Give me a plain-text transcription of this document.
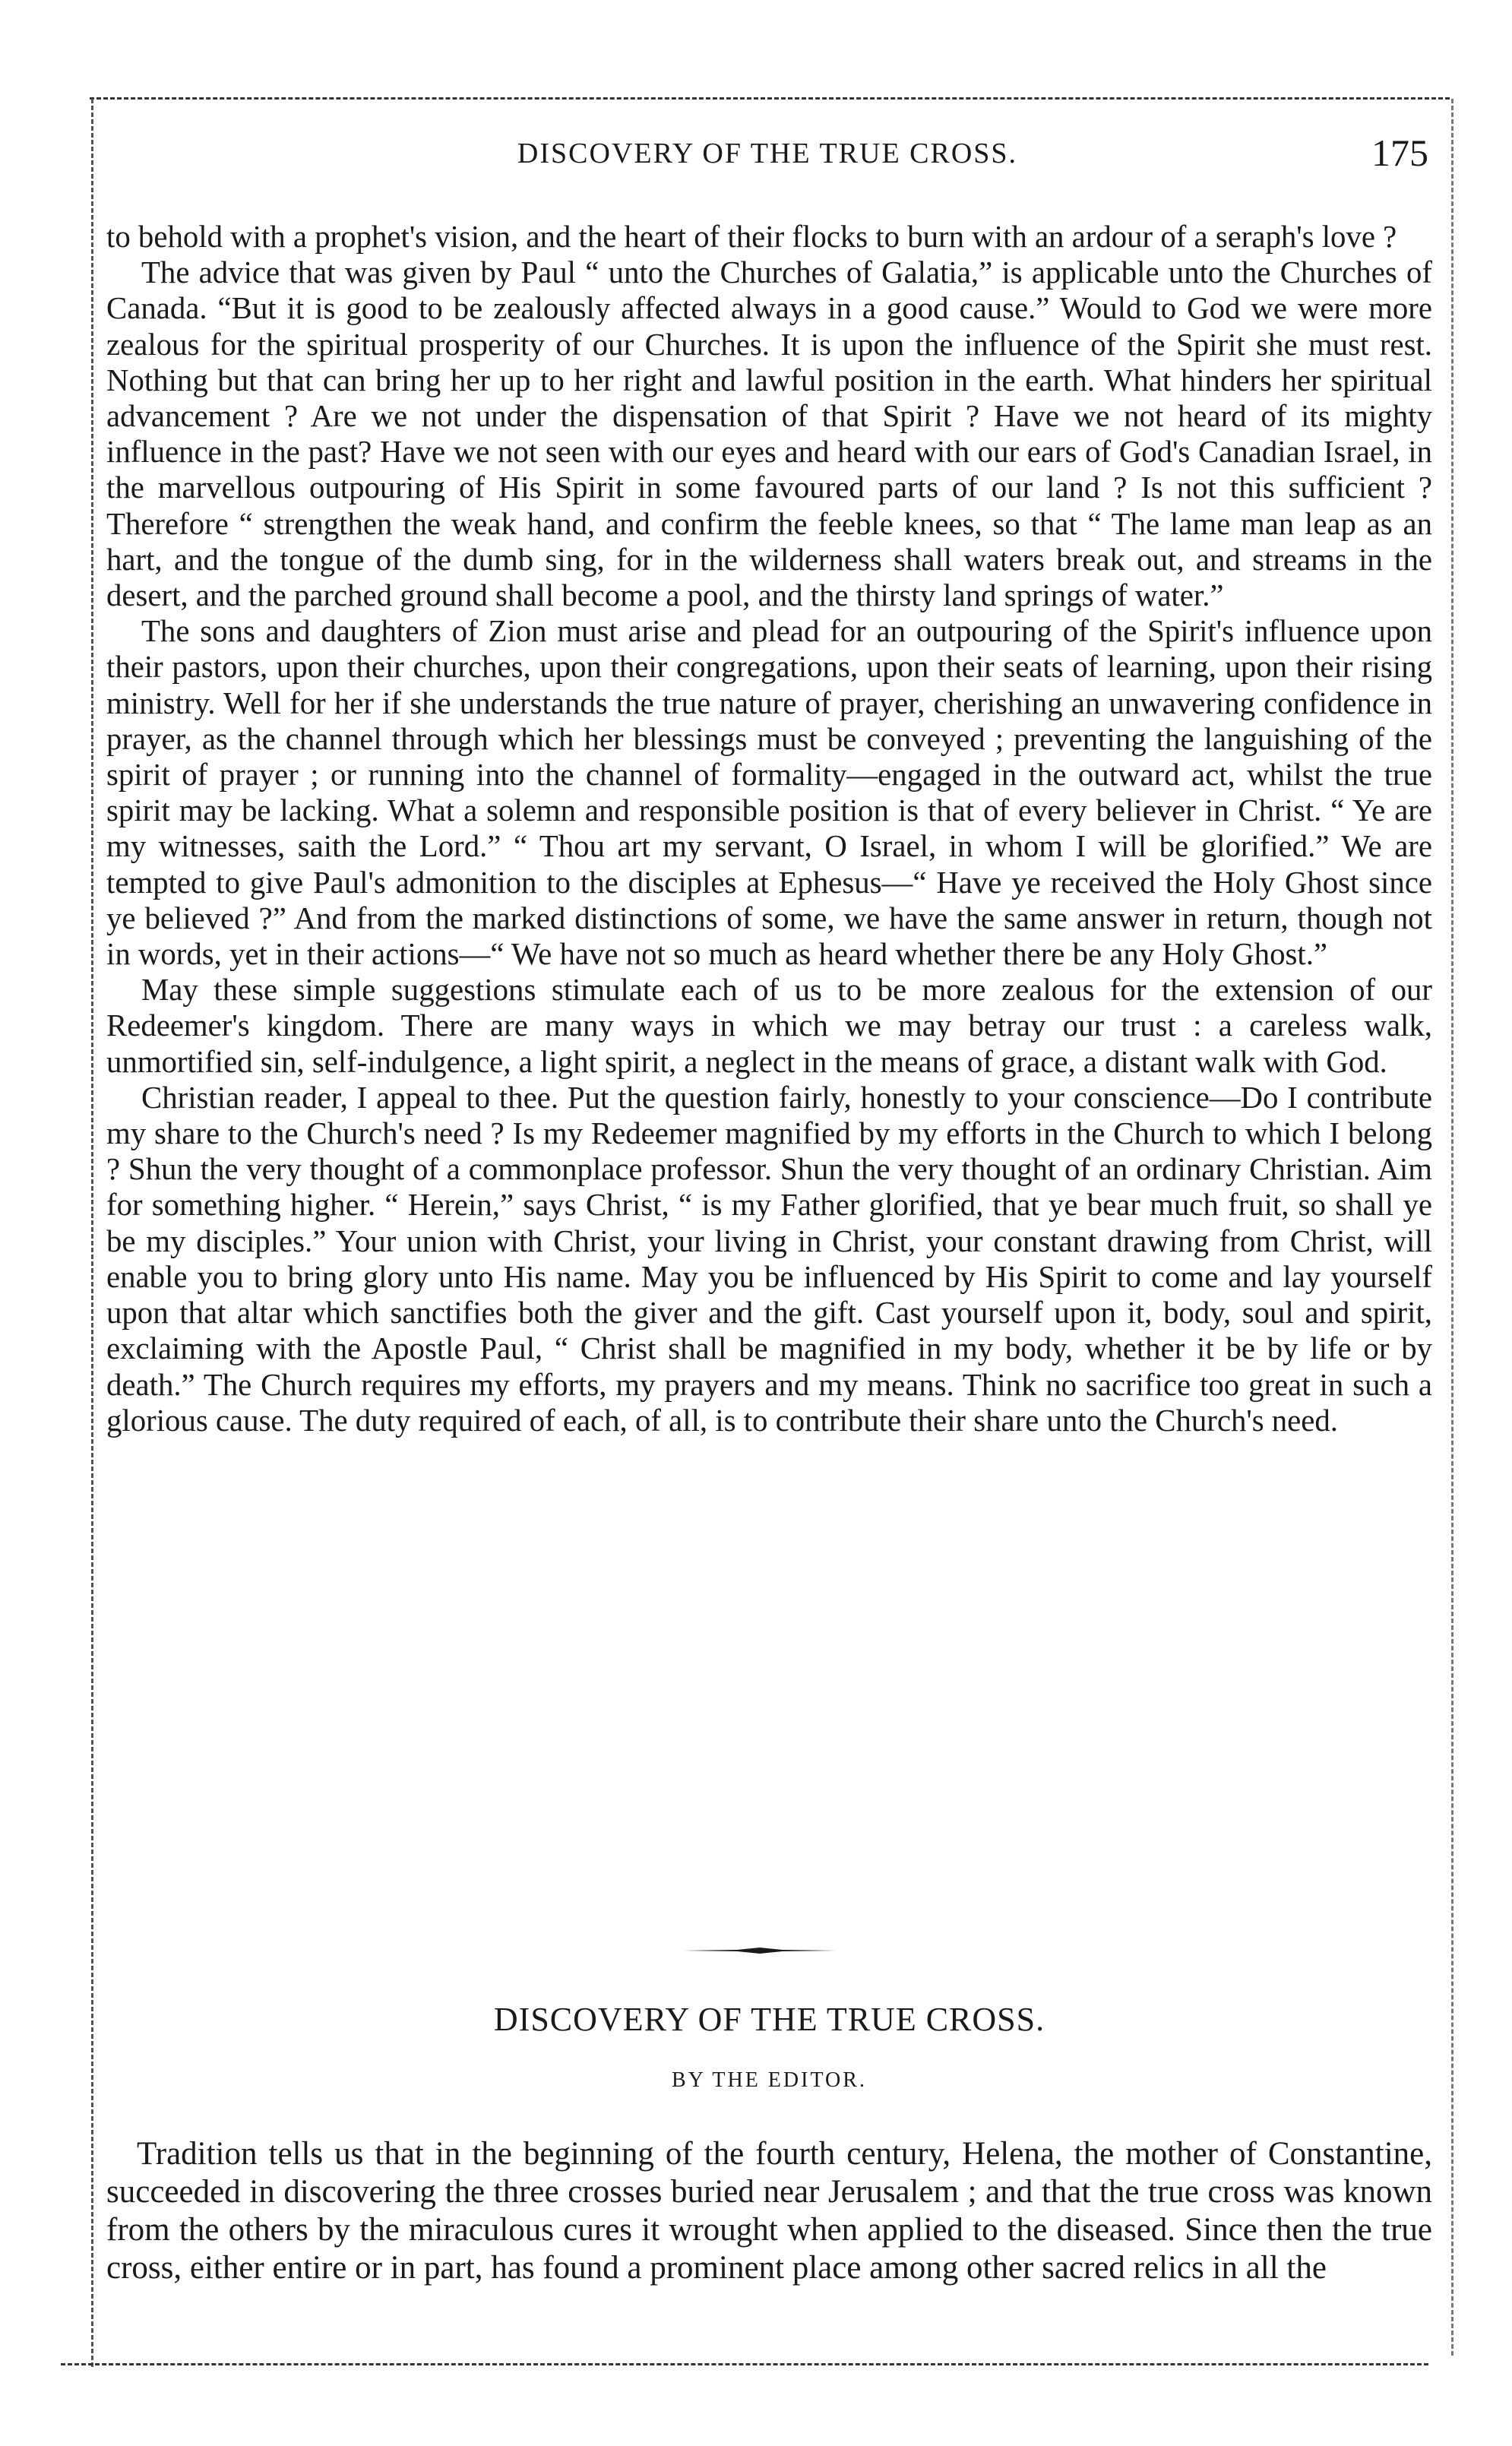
DISCOVERY OF THE TRUE CROSS.	175

to behold with a prophet's vision, and the heart of their flocks to burn with an ardour of a seraph's love ?

The advice that was given by Paul “ unto the Churches of Galatia,” is applicable unto the Churches of Canada. “But it is good to be zealously affected always in a good cause.” Would to God we were more zealous for the spiritual prosperity of our Churches. It is upon the influence of the Spirit she must rest. Nothing but that can bring her up to her right and lawful position in the earth. What hinders her spiritual advancement ? Are we not under the dispensation of that Spirit ? Have we not heard of its mighty influence in the past? Have we not seen with our eyes and heard with our ears of God's Canadian Israel, in the marvellous outpouring of His Spirit in some favoured parts of our land ? Is not this sufficient ? Therefore “ strengthen the weak hand, and confirm the feeble knees, so that “ The lame man leap as an hart, and the tongue of the dumb sing, for in the wilderness shall waters break out, and streams in the desert, and the parched ground shall become a pool, and the thirsty land springs of water.”

The sons and daughters of Zion must arise and plead for an outpouring of the Spirit's influence upon their pastors, upon their churches, upon their congregations, upon their seats of learning, upon their rising ministry. Well for her if she understands the true nature of prayer, cherishing an unwavering confidence in prayer, as the channel through which her blessings must be conveyed ; preventing the languishing of the spirit of prayer ; or running into the channel of formality—engaged in the outward act, whilst the true spirit may be lacking. What a solemn and responsible position is that of every believer in Christ. “ Ye are my witnesses, saith the Lord.” “ Thou art my servant, O Israel, in whom I will be glorified.” We are tempted to give Paul's admonition to the disciples at Ephesus—“ Have ye received the Holy Ghost since ye believed ?” And from the marked distinctions of some, we have the same answer in return, though not in words, yet in their actions—“ We have not so much as heard whether there be any Holy Ghost.”

May these simple suggestions stimulate each of us to be more zealous for the extension of our Redeemer's kingdom. There are many ways in which we may betray our trust : a careless walk, unmortified sin, self-indulgence, a light spirit, a neglect in the means of grace, a distant walk with God.

Christian reader, I appeal to thee. Put the question fairly, honestly to your conscience—Do I contribute my share to the Church's need ? Is my Redeemer magnified by my efforts in the Church to which I belong ? Shun the very thought of a commonplace professor. Shun the very thought of an ordinary Christian. Aim for something higher. “ Herein,” says Christ, “ is my Father glorified, that ye bear much fruit, so shall ye be my disciples.” Your union with Christ, your living in Christ, your constant drawing from Christ, will enable you to bring glory unto His name. May you be influenced by His Spirit to come and lay yourself upon that altar which sanctifies both the giver and the gift. Cast yourself upon it, body, soul and spirit, exclaiming with the Apostle Paul, “ Christ shall be magnified in my body, whether it be by life or by death.” The Church requires my efforts, my prayers and my means. Think no sacrifice too great in such a glorious cause. The duty required of each, of all, is to contribute their share unto the Church's need.

DISCOVERY OF THE TRUE CROSS.
BY THE EDITOR.

Tradition tells us that in the beginning of the fourth century, Helena, the mother of Constantine, succeeded in discovering the three crosses buried near Jerusalem ; and that the true cross was known from the others by the miraculous cures it wrought when applied to the diseased. Since then the true cross, either entire or in part, has found a prominent place among other sacred relics in all the
